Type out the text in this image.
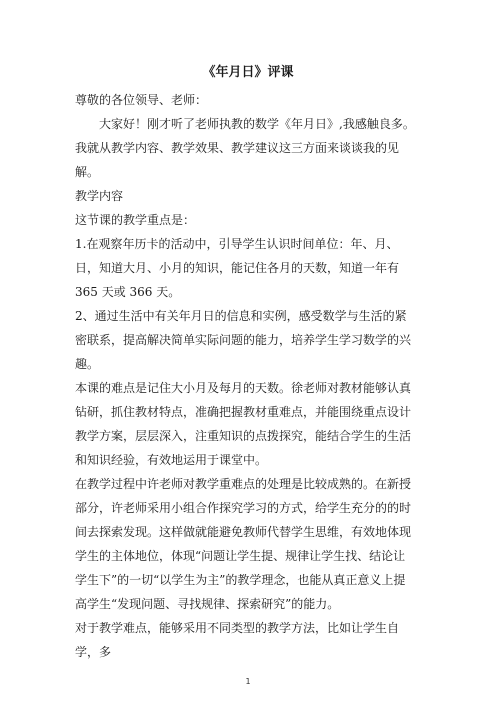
《年月日》评课

尊敬的各位领导、老师：

大家好！刚才听了老师执教的数学《年月日》,我感触良多。我就从教学内容、教学效果、教学建议这三方面来谈谈我的见解。

教学内容

这节课的教学重点是：

1.在观察年历卡的活动中，引导学生认识时间单位：年、月、日，知道大月、小月的知识，能记住各月的天数，知道一年有 365 天或 366 天。

2、通过生活中有关年月日的信息和实例，感受数学与生活的紧密联系，提高解决简单实际问题的能力，培养学生学习数学的兴趣。

本课的难点是记住大小月及每月的天数。徐老师对教材能够认真钻研，抓住教材特点，准确把握教材重难点，并能围绕重点设计教学方案，层层深入，注重知识的点拨探究，能结合学生的生活和知识经验，有效地运用于课堂中。

在教学过程中许老师对教学重难点的处理是比较成熟的。在新授部分，许老师采用小组合作探究学习的方式，给学生充分的的时间去探索发现。这样做就能避免教师代替学生思维，有效地体现学生的主体地位，体现“问题让学生提、规律让学生找、结论让学生下”的一切“以学生为主”的教学理念，也能从真正意义上提高学生“发现问题、寻找规律、探索研究”的能力。

对于教学难点，能够采用不同类型的教学方法，比如让学生自学，多

1
